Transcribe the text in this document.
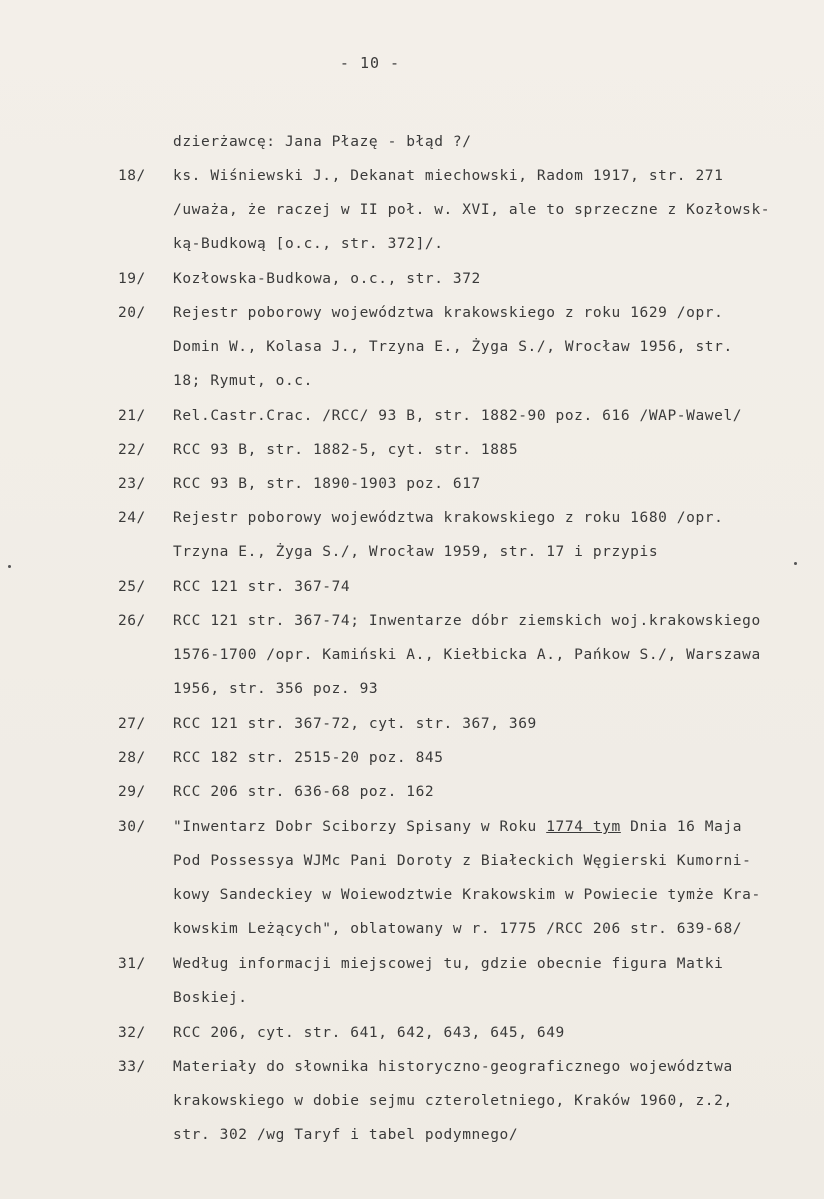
- 10 -
dzierżawcę: Jana Płazę - błąd ?/
18/ ks. Wiśniewski J., Dekanat miechowski, Radom 1917, str. 271
/uważa, że raczej w II poł. w. XVI, ale to sprzeczne z Kozłowsk-
ką-Budkową [o.c., str. 372]/.
19/ Kozłowska-Budkowa, o.c., str. 372
20/ Rejestr poborowy województwa krakowskiego z roku 1629 /opr.
Domin W., Kolasa J., Trzyna E., Żyga S./, Wrocław 1956, str.
18; Rymut, o.c.
21/ Rel.Castr.Crac. /RCC/ 93 B, str. 1882-90 poz. 616 /WAP-Wawel/
22/ RCC 93 B, str. 1882-5, cyt. str. 1885
23/ RCC 93 B, str. 1890-1903 poz. 617
24/ Rejestr poborowy województwa krakowskiego z roku 1680 /opr.
Trzyna E., Żyga S./, Wrocław 1959, str. 17 i przypis
25/ RCC 121 str. 367-74
26/ RCC 121 str. 367-74; Inwentarze dóbr ziemskich woj.krakowskiego
1576-1700 /opr. Kamiński A., Kiełbicka A., Pańkow S./, Warszawa
1956, str. 356 poz. 93
27/ RCC 121 str. 367-72, cyt. str. 367, 369
28/ RCC 182 str. 2515-20 poz. 845
29/ RCC 206 str. 636-68 poz. 162
30/ "Inwentarz Dobr Sciborzy Spisany w Roku 1774 tym Dnia 16 Maja
Pod Possessya WJMc Pani Doroty z Białeckich Węgierski Kumorni-
kowy Sandeckiey w Woiewodztwie Krakowskim w Powiecie tymże Kra-
kowskim Leżących", oblatowany w r. 1775 /RCC 206 str. 639-68/
31/ Według informacji miejscowej tu, gdzie obecnie figura Matki
Boskiej.
32/ RCC 206, cyt. str. 641, 642, 643, 645, 649
33/ Materiały do słownika historyczno-geograficznego województwa
krakowskiego w dobie sejmu czteroletniego, Kraków 1960, z.2,
str. 302 /wg Taryf i tabel podymnego/
